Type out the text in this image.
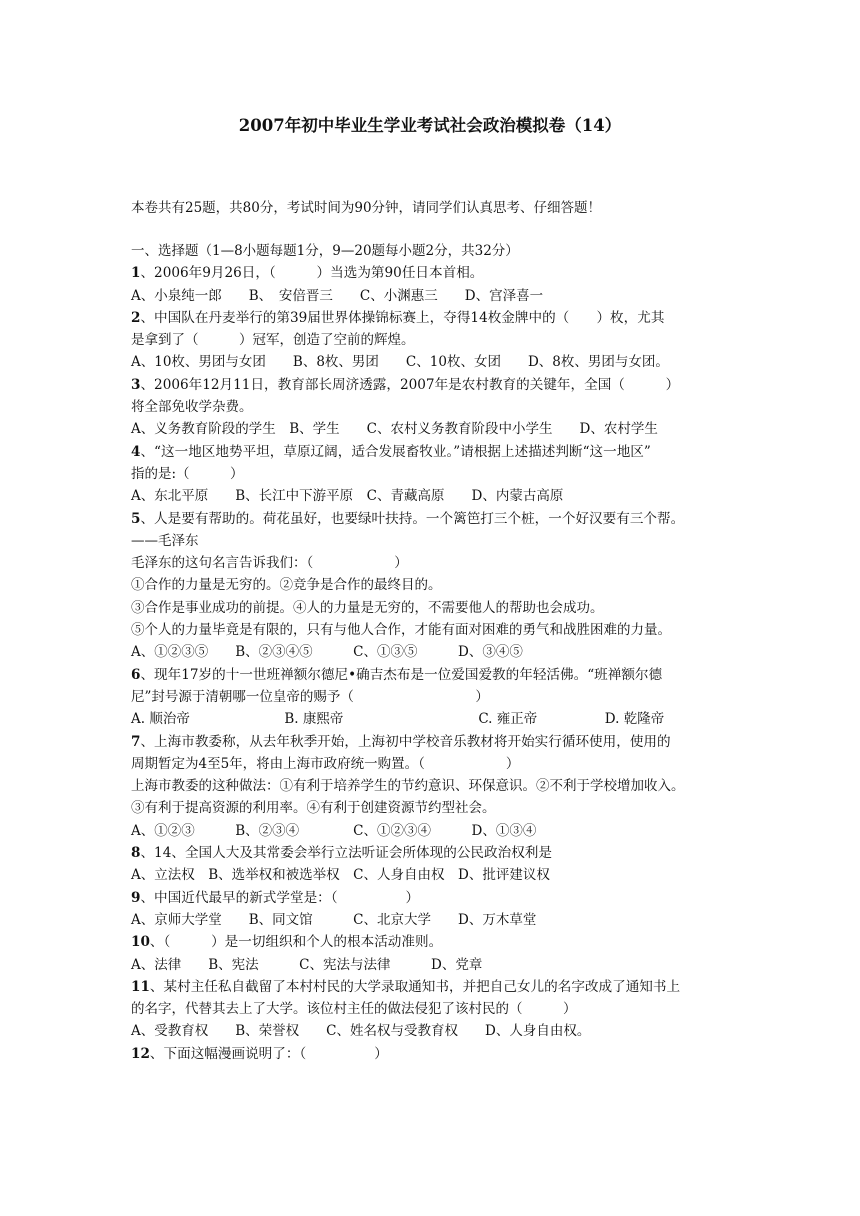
2007年初中毕业生学业考试社会政治模拟卷（14）
本卷共有25题，共80分，考试时间为90分钟，请同学们认真思考、仔细答题！
一、选择题（1—8小题每题1分，9—20题每小题2分，共32分）
1、2006年9月26日，（　　　）当选为第90任日本首相。
A、小泉纯一郎　　B、　安倍晋三　　C、小渊惠三　　D、宫泽喜一
2、中国队在丹麦举行的第39届世界体操锦标赛上，夺得14枚金牌中的（　　）枚，尤其
是拿到了（　　　）冠军，创造了空前的辉煌。
A、10枚、男团与女团　　B、8枚、男团　　C、10枚、女团　　D、8枚、男团与女团。
3、2006年12月11日，教育部长周济透露，2007年是农村教育的关键年，全国（　　　）
将全部免收学杂费。
A、义务教育阶段的学生　B、学生　　C、农村义务教育阶段中小学生　　D、农村学生
4、“这一地区地势平坦，草原辽阔，适合发展畜牧业。”请根据上述描述判断“这一地区”
指的是:（　　　）
A、东北平原　　B、长江中下游平原　C、青藏高原　　D、内蒙古高原
5、人是要有帮助的。荷花虽好，也要绿叶扶持。一个篱笆打三个桩，一个好汉要有三个帮。
——毛泽东
毛泽东的这句名言告诉我们：（　　　　　　）
①合作的力量是无穷的。②竞争是合作的最终目的。
③合作是事业成功的前提。④人的力量是无穷的，不需要他人的帮助也会成功。
⑤个人的力量毕竟是有限的，只有与他人合作，才能有面对困难的勇气和战胜困难的力量。
A、①②③⑤　　B、②③④⑤　　　C、①③⑤　　　D、③④⑤
6、现年17岁的十一世班禅额尔德尼•确吉杰布是一位爱国爱教的年轻活佛。“班禅额尔德
尼”封号源于清朝哪一位皇帝的赐予（　　　　　　　　　）
A. 顺治帝　　　　　　　B. 康熙帝　　　　　　　　　　C. 雍正帝　　　　　D. 乾隆帝
7、上海市教委称，从去年秋季开始，上海初中学校音乐教材将开始实行循环使用，使用的
周期暂定为4至5年，将由上海市政府统一购置。（　　　　　　）
上海市教委的这种做法：①有利于培养学生的节约意识、环保意识。②不利于学校增加收入。
③有利于提高资源的利用率。④有利于创建资源节约型社会。
A、①②③　　　B、②③④　　　　C、①②③④　　　D、①③④
8、14、全国人大及其常委会举行立法听证会所体现的公民政治权利是
A、立法权　B、选举权和被选举权　C、人身自由权　D、批评建议权
9、中国近代最早的新式学堂是：（　　　　　）
A、京师大学堂　　B、同文馆　　　C、北京大学　　D、万木草堂
10、（　　　）是一切组织和个人的根本活动准则。
A、法律　　B、宪法　　　C、宪法与法律　　　D、党章
11、某村主任私自截留了本村村民的大学录取通知书，并把自己女儿的名字改成了通知书上
的名字，代替其去上了大学。该位村主任的做法侵犯了该村民的（　　　）
A、受教育权　　B、荣誉权　　C、姓名权与受教育权　　D、人身自由权。
12、下面这幅漫画说明了：（　　　　　）
